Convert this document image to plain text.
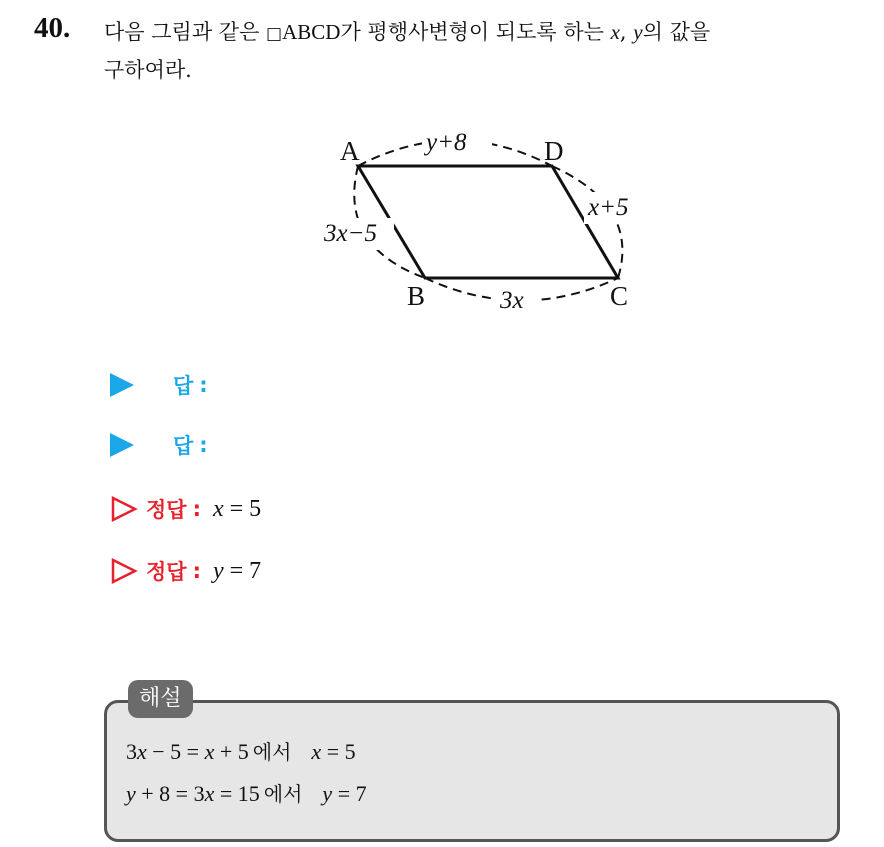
40. 다음 그림과 같은 □ABCD가 평행사변형이 되도록 하는 x, y의 값을
구하여라.
A	D
B	C
y+8
x+5
3x−5
3x
답 :
답 :
정답 : x = 5
정답 : y = 7
해설
3x − 5 = x + 5 에서 x = 5
y + 8 = 3x = 15 에서 y = 7
